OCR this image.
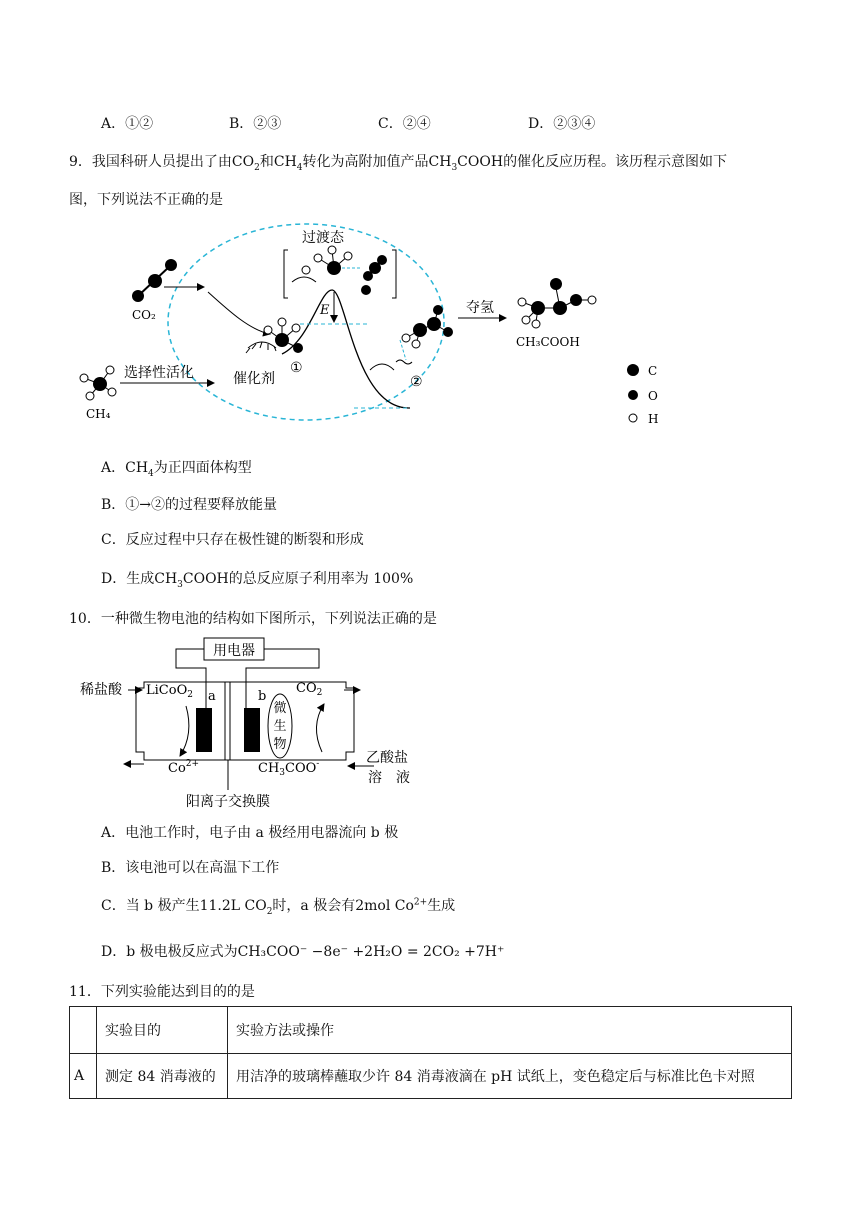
A．①②	B．②③	C．②④	D．②③④
9．我国科研人员提出了由$CO_2$和$CH_4$转化为高附加值产品$CH_3COOH$的催化反应历程。该历程示意图如下
图，下列说法不正确的是
CO₂
CH₄
选择性活化	催化剂
①
E
过渡态
②
夺氢
CH₃COOH
C
O
H
A．$CH_4$为正四面体构型
B．①→②的过程要释放能量
C．反应过程中只存在极性键的断裂和形成
D．生成$CH_3COOH$的总反应原子利用率为 100%
10．一种微生物电池的结构如下图所示，下列说法正确的是
用电器
a	b
微
生
物
稀盐酸 LiCoO$_2$
$Co^{2+}$
$CO_2$
$CH_3COO^-$	乙酸盐
溶　液
阳离子交换膜
A．电池工作时，电子由 a 极经用电器流向 b 极
B．该电池可以在高温下工作
C．当 b 极产生11.2L $CO_2$时，a 极会有2mol $Co^{2+}$生成
D．b 极电极反应式为CH₃COO⁻ −8e⁻ +2H₂O = 2CO₂ +7H⁺
11．下列实验能达到目的的是
	实验目的	实验方法或操作
A	测定 84 消毒液的	用洁净的玻璃棒蘸取少许 84 消毒液滴在 pH 试纸上，变色稳定后与标准比色卡对照
